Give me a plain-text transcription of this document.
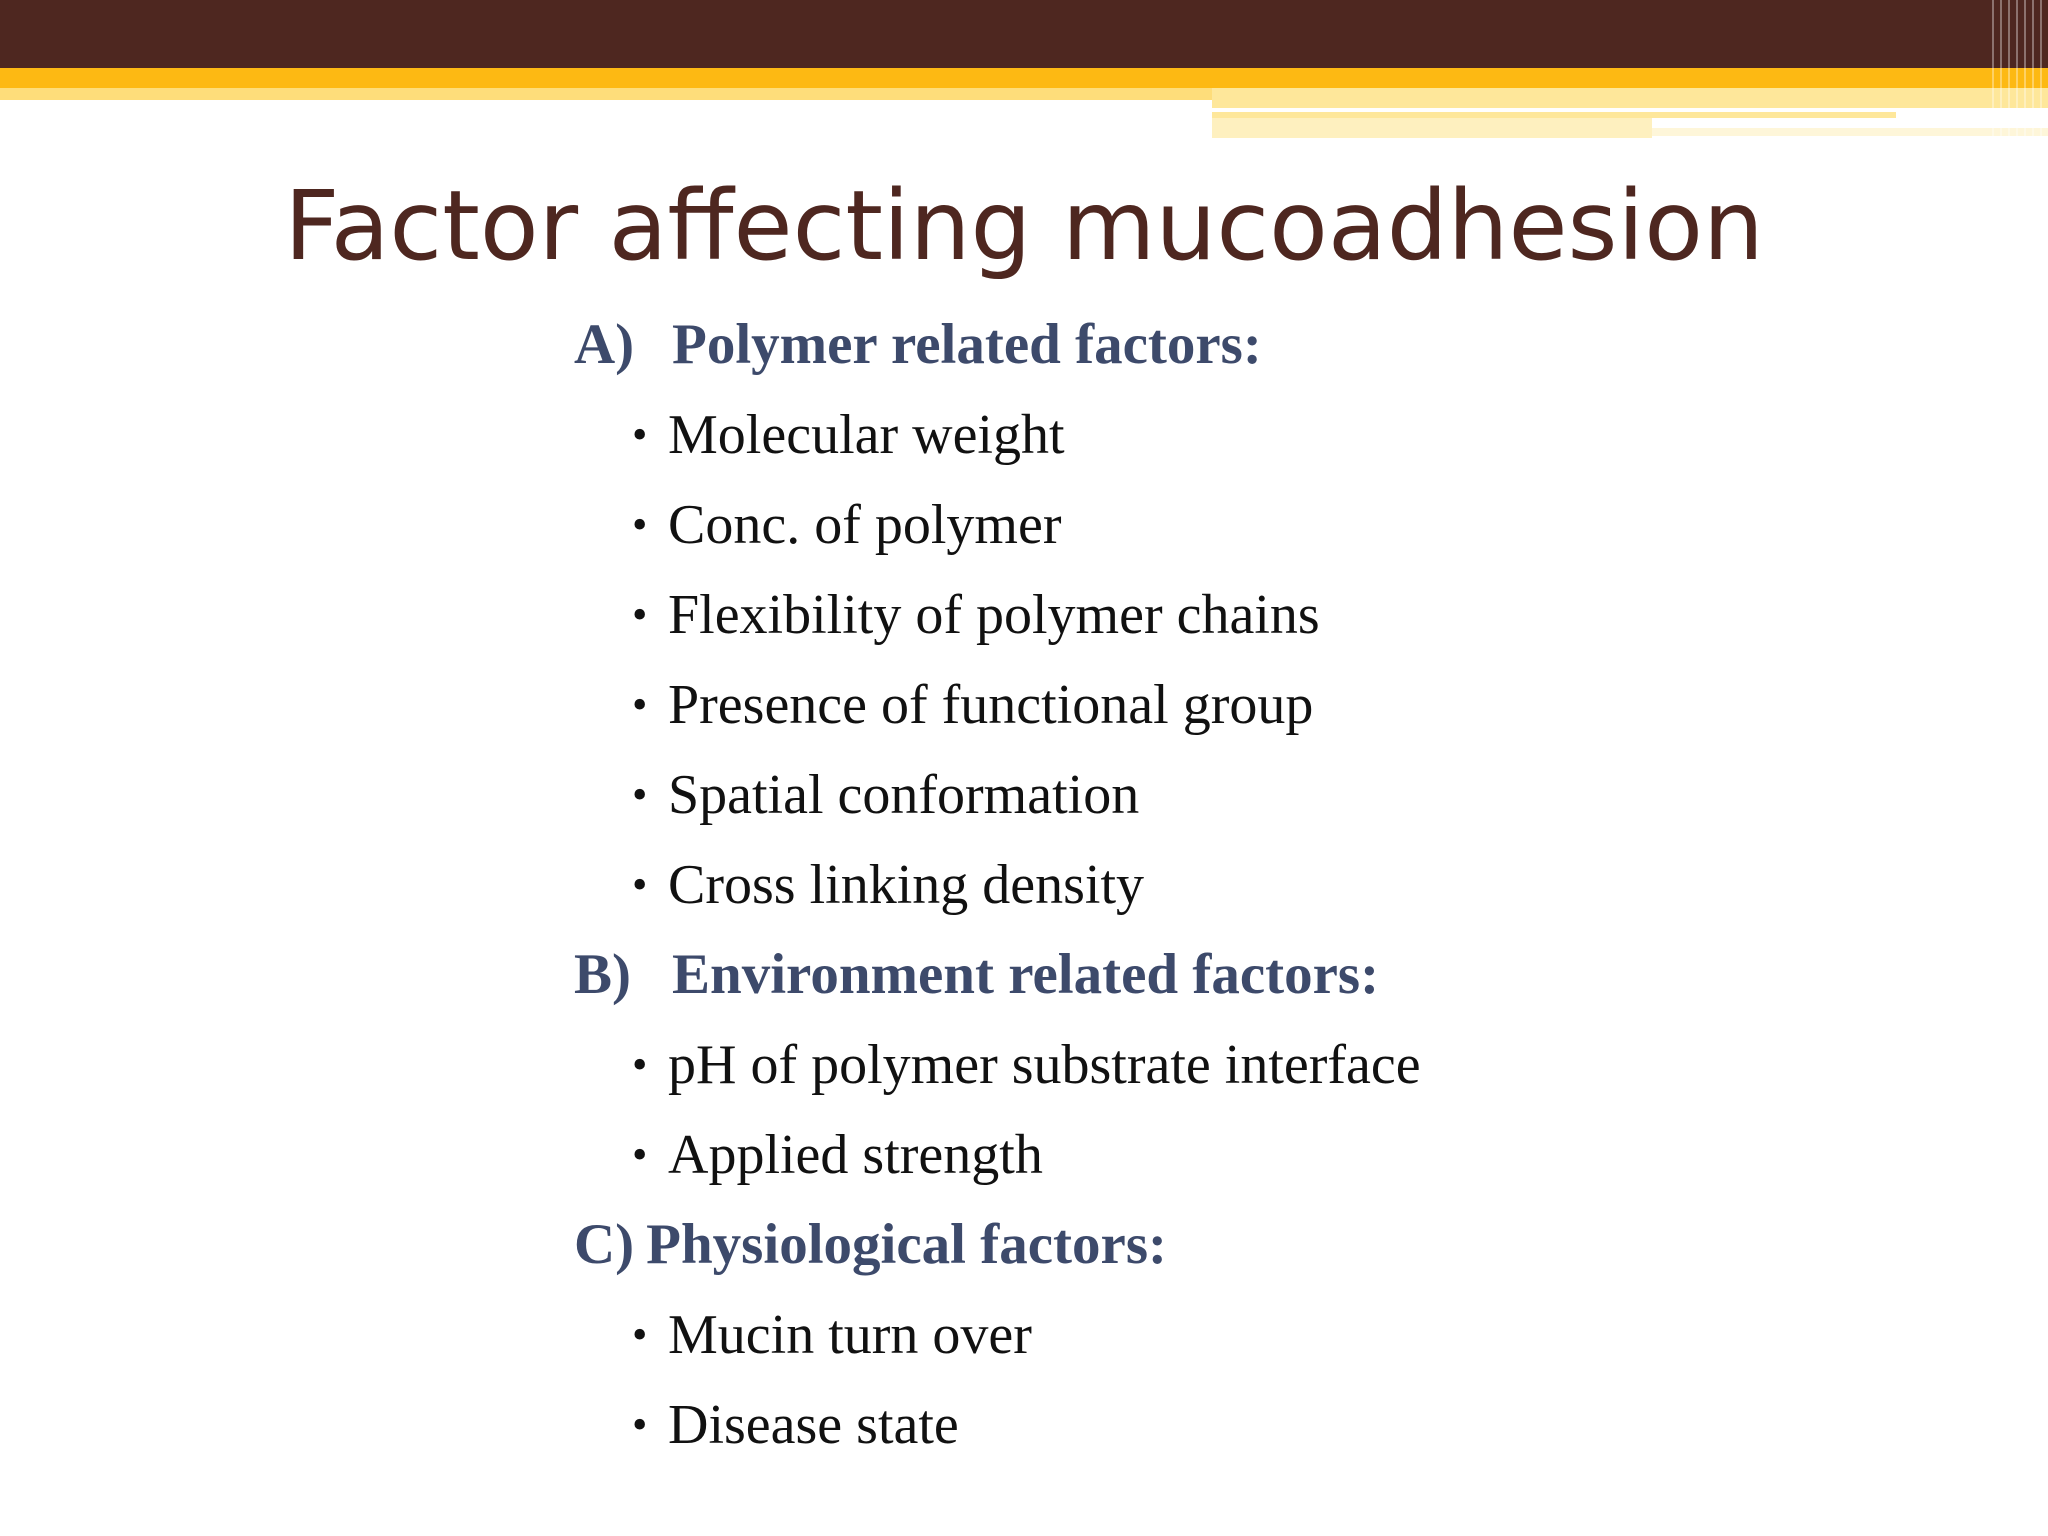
Factor affecting mucoadhesion
A) Polymer related factors:
• Molecular weight
• Conc. of polymer
• Flexibility of polymer chains
• Presence of functional group
• Spatial conformation
• Cross linking density
B) Environment related factors:
• pH of polymer substrate interface
• Applied strength
C) Physiological factors:
• Mucin turn over
• Disease state
